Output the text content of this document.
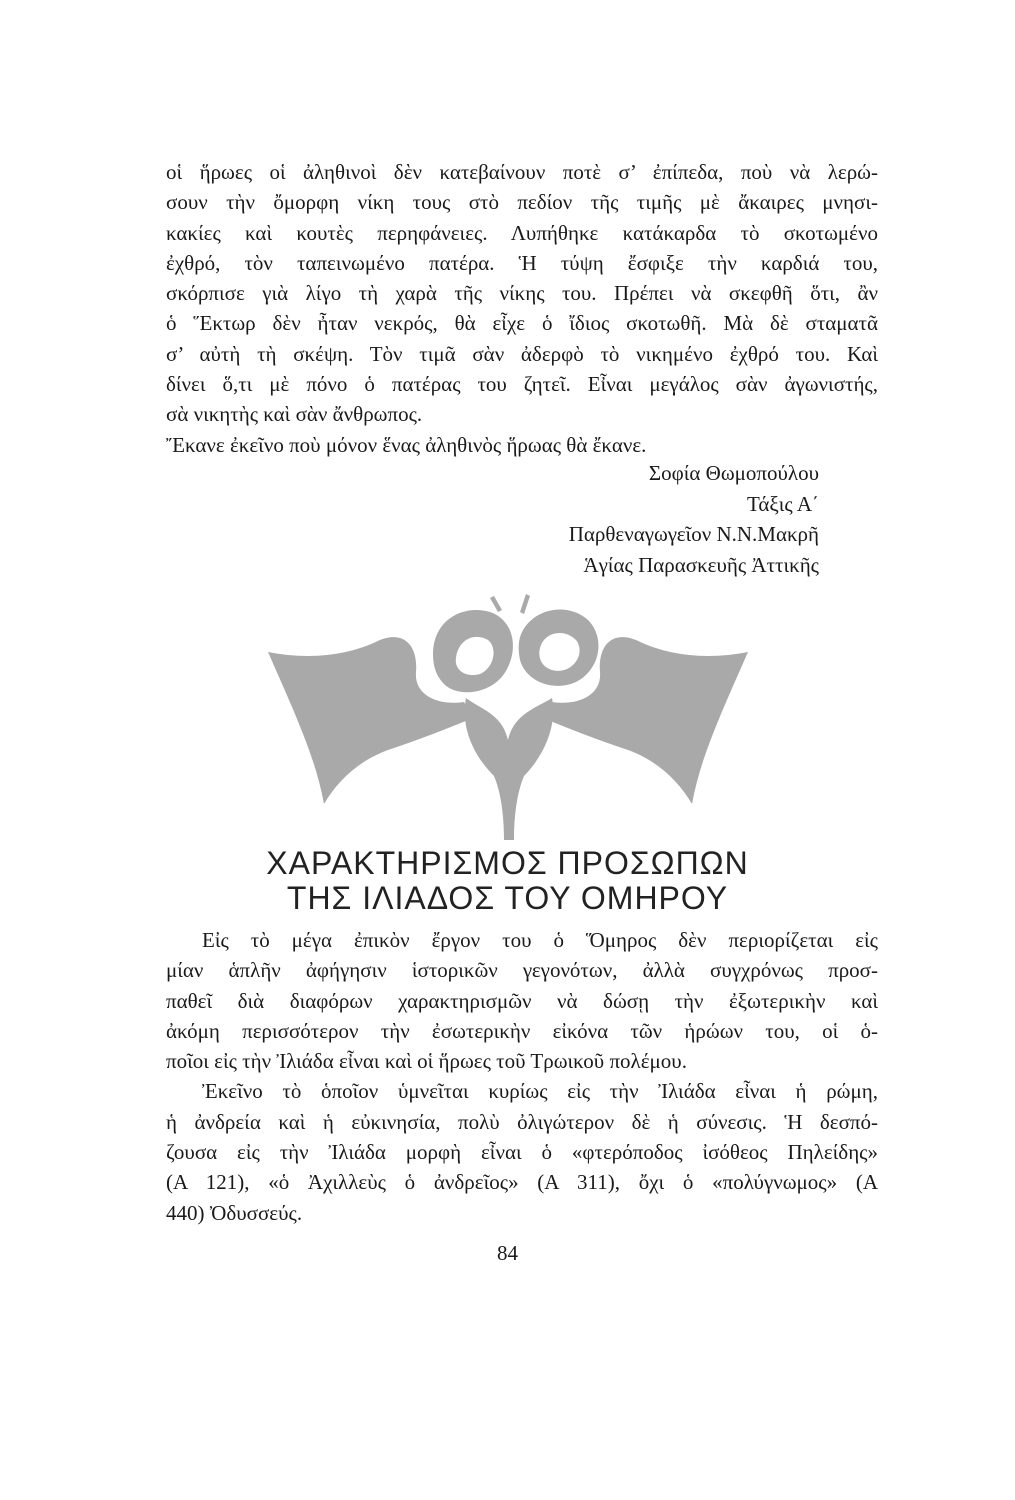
οἱ ἥρωες οἱ ἀληθινοὶ δὲν κατεβαίνουν ποτὲ σ’ ἐπίπεδα, ποὺ νὰ λερώ-
σουν τὴν ὄμορφη νίκη τους στὸ πεδίον τῆς τιμῆς μὲ ἄκαιρες μνησι-
κακίες καὶ κουτὲς περηφάνειες. Λυπήθηκε κατάκαρδα τὸ σκοτωμένο
ἐχθρό, τὸν ταπεινωμένο πατέρα. Ἡ τύψη ἔσφιξε τὴν καρδιά του,
σκόρπισε γιὰ λίγο τὴ χαρὰ τῆς νίκης του. Πρέπει νὰ σκεφθῆ ὅτι, ἂν
ὁ Ἕκτωρ δὲν ἦταν νεκρός, θὰ εἶχε ὁ ἴδιος σκοτωθῆ. Μὰ δὲ σταματᾶ
σ’ αὐτὴ τὴ σκέψη. Τὸν τιμᾶ σὰν ἀδερφὸ τὸ νικημένο ἐχθρό του. Καὶ
δίνει ὅ,τι μὲ πόνο ὁ πατέρας του ζητεῖ. Εἶναι μεγάλος σὰν ἀγωνιστής,
σὰ νικητὴς καὶ σὰν ἄνθρωπος.
Ἔκανε ἐκεῖνο ποὺ μόνον ἕνας ἀληθινὸς ἥρωας θὰ ἔκανε.
Σοφία Θωμοπούλου
Τάξις Α΄
Παρθεναγωγεῖον Ν.Ν.Μακρῆ
Ἁγίας Παρασκευῆς Ἀττικῆς
ΧΑΡΑΚΤΗΡΙΣΜΟΣ ΠΡΟΣΩΠΩΝ
ΤΗΣ ΙΛΙΑΔΟΣ ΤΟΥ ΟΜΗΡΟΥ
Εἰς τὸ μέγα ἐπικὸν ἔργον του ὁ Ὅμηρος δὲν περιορίζεται εἰς
μίαν ἁπλῆν ἀφήγησιν ἱστορικῶν γεγονότων, ἀλλὰ συγχρόνως προσ-
παθεῖ διὰ διαφόρων χαρακτηρισμῶν νὰ δώσῃ τὴν ἐξωτερικὴν καὶ
ἀκόμη περισσότερον τὴν ἐσωτερικὴν εἰκόνα τῶν ἡρώων του, οἱ ὁ-
ποῖοι εἰς τὴν Ἰλιάδα εἶναι καὶ οἱ ἥρωες τοῦ Τρωικοῦ πολέμου.
Ἐκεῖνο τὸ ὁποῖον ὑμνεῖται κυρίως εἰς τὴν Ἰλιάδα εἶναι ἡ ρώμη,
ἡ ἀνδρεία καὶ ἡ εὐκινησία, πολὺ ὀλιγώτερον δὲ ἡ σύνεσις. Ἡ δεσπό-
ζουσα εἰς τὴν Ἰλιάδα μορφὴ εἶναι ὁ «φτερόποδος ἰσόθεος Πηλείδης»
(Α 121), «ὁ Ἀχιλλεὺς ὁ ἀνδρεῖος» (Α 311), ὄχι ὁ «πολύγνωμος» (Α
440) Ὀδυσσεύς.
84
